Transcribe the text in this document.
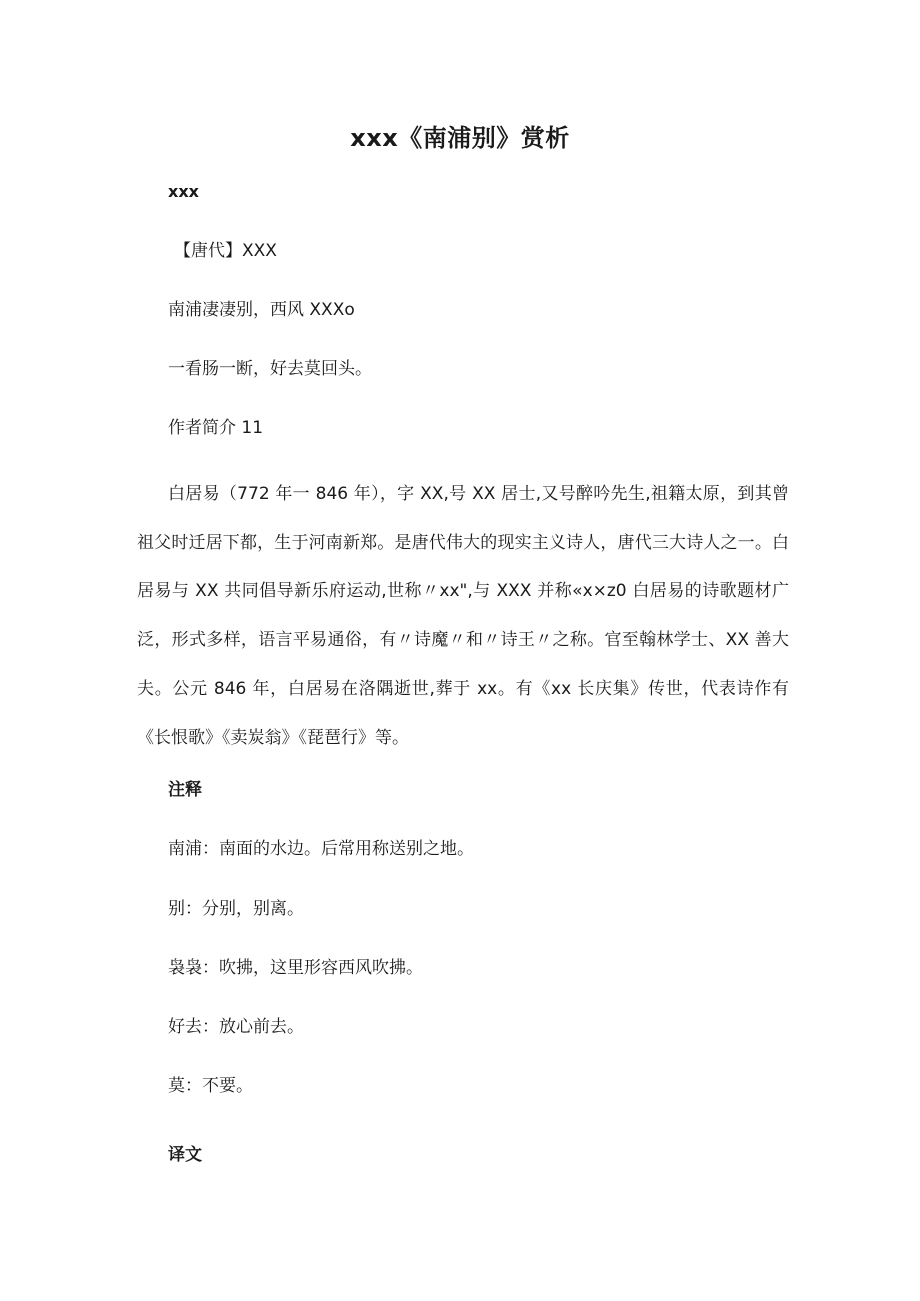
xxx《南浦别》赏析
xxx
【唐代】XXX
南浦凄凄别，西风 XXXo
一看肠一断，好去莫回头。
作者简介 11
白居易（772 年一 846 年），字 XX,号 XX 居士,又号醉吟先生,祖籍太原，到其曾祖父时迁居下都，生于河南新郑。是唐代伟大的现实主义诗人，唐代三大诗人之一。白居易与 XX 共同倡导新乐府运动,世称〃xx",与 XXX 并称«x×z0 白居易的诗歌题材广泛，形式多样，语言平易通俗，有〃诗魔〃和〃诗王〃之称。官至翰林学士、XX 善大夫。公元 846 年，白居易在洛隅逝世,葬于 xx。有《xx 长庆集》传世，代表诗作有《长恨歌》《卖炭翁》《琵琶行》等。
注释
南浦：南面的水边。后常用称送别之地。
别：分别，别离。
袅袅：吹拂，这里形容西风吹拂。
好去：放心前去。
莫：不要。
译文
